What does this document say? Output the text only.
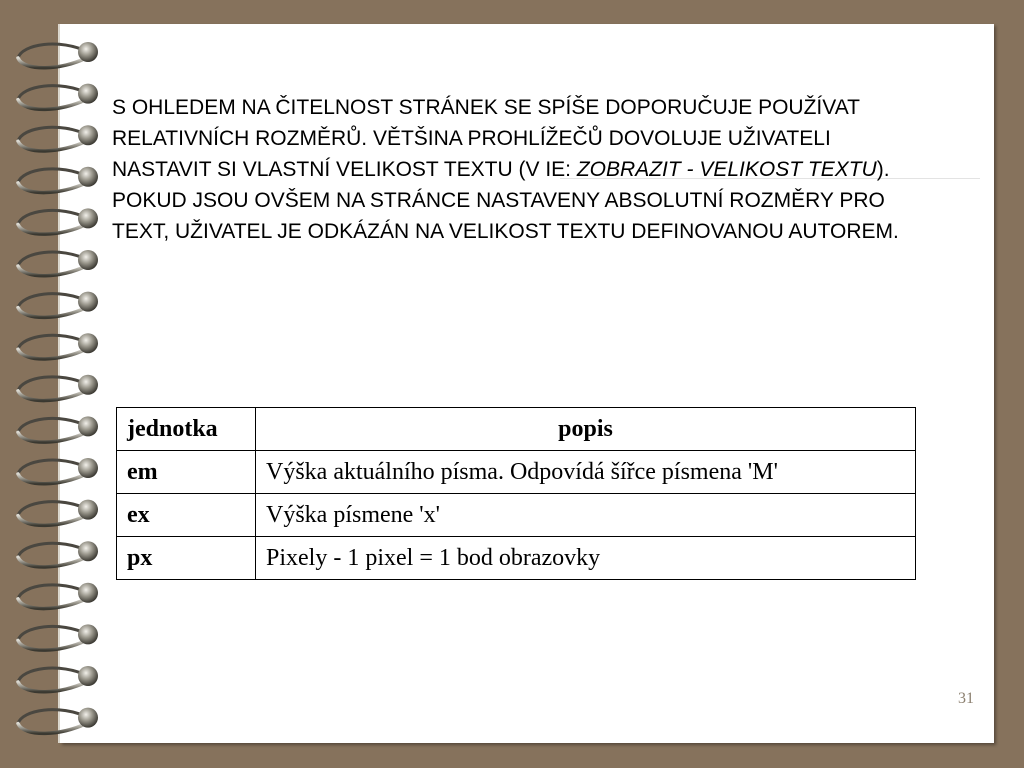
S OHLEDEM NA ČITELNOST STRÁNEK SE SPÍŠE DOPORUČUJE POUŽÍVAT RELATIVNÍCH ROZMĚRŮ. VĚTŠINA PROHLÍŽEČŮ DOVOLUJE UŽIVATELI NASTAVIT SI VLASTNÍ VELIKOST TEXTU (V IE: ZOBRAZIT - VELIKOST TEXTU). POKUD JSOU OVŠEM NA STRÁNCE NASTAVENY ABSOLUTNÍ ROZMĚRY PRO TEXT, UŽIVATEL JE ODKÁZÁN NA VELIKOST TEXTU DEFINOVANOU AUTOREM.

jednotka	popis
em	Výška aktuálního písma. Odpovídá šířce písmena 'M'
ex	Výška písmene 'x'
px	Pixely - 1 pixel = 1 bod obrazovky
31
